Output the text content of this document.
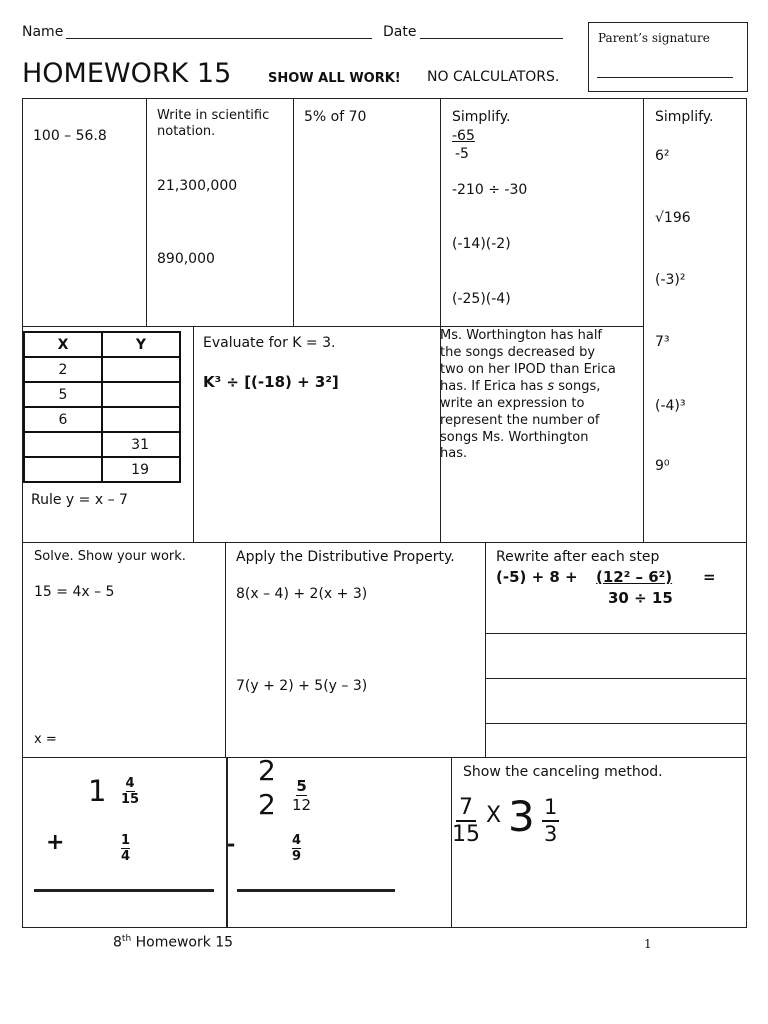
Name	Date
HOMEWORK 15	SHOW ALL WORK! NO CALCULATORS.
Parent’s signature
100 – 56.8
Write in scientific
notation.
21,300,000
890,000
5% of 70	Simplify.
-65
-5
-210 ÷ -30
(-14)(-2)
(-25)(-4)
Simplify.
6²
√196
(-3)²
7³
(-4)³
9⁰
X	Y
2	
5	
6	
	31
	19
Rule y = x – 7
Evaluate for K = 3.
K³ ÷ [(-18) + 3²]
Ms. Worthington has half
the songs decreased by
two on her IPOD than Erica
has. If Erica has s songs,
write an expression to
represent the number of
songs Ms. Worthington
has.
Solve. Show your work.
15 = 4x – 5
x =
Apply the Distributive Property.
8(x – 4) + 2(x + 3)
7(y + 2) + 5(y – 3)
Rewrite after each step
(-5) + 8 + (12² – 6²) =
30 ÷ 15
$1 \frac{4}{15}$
+	$\frac{1}{4}$
2
$2 \frac{5}{12}$
-	$\frac{4}{9}$
Show the canceling method.
$\frac{7}{15}$ X $3 \frac{1}{3}$
8th Homework 15	1
